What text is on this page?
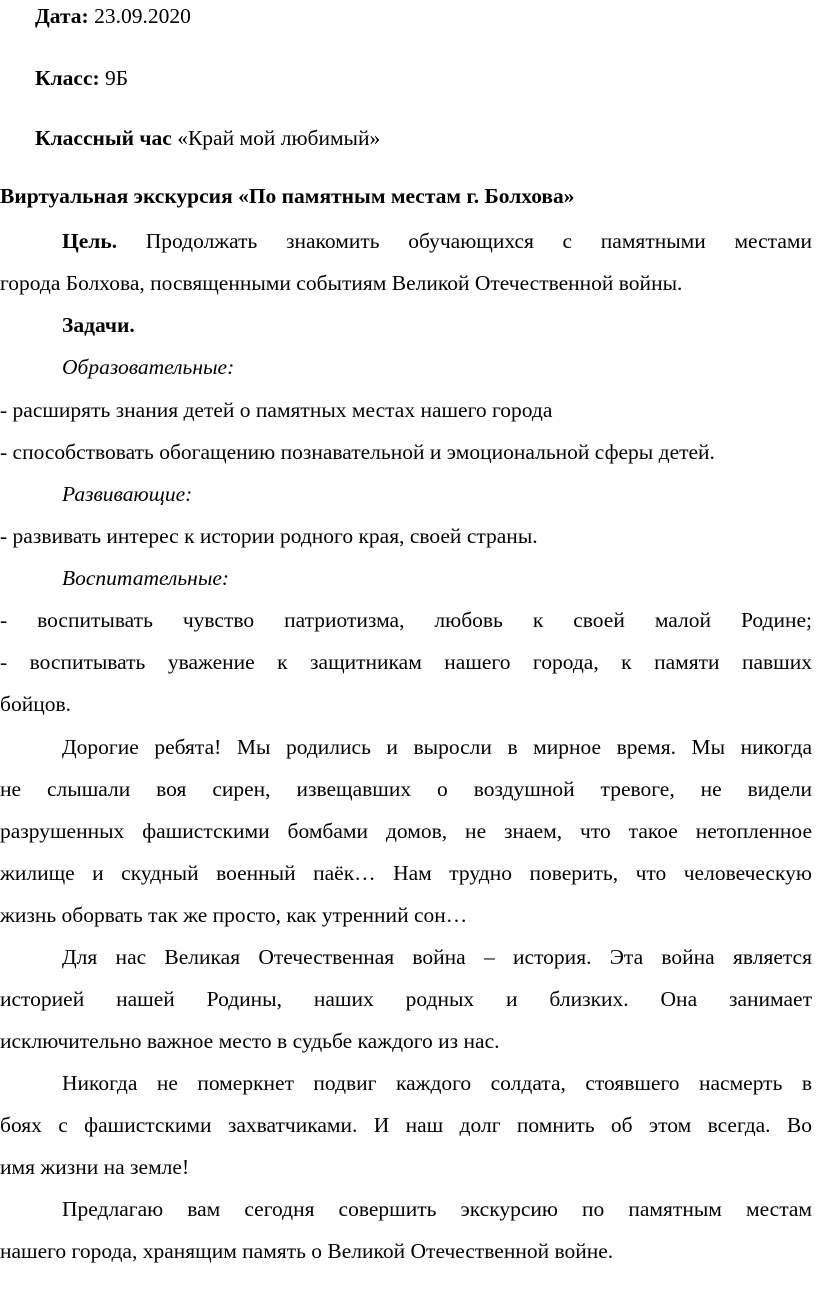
Дата: 23.09.2020
Класс: 9Б
Классный час «Край мой любимый»
Виртуальная экскурсия «По памятным местам г. Болхова»
Цель. Продолжать знакомить обучающихся с памятными местами
города Болхова, посвященными событиям Великой Отечественной войны.
Задачи.
Образовательные:
- расширять знания детей о памятных местах нашего города
- способствовать обогащению познавательной и эмоциональной сферы детей.
Развивающие:
- развивать интерес к истории родного края, своей страны.
Воспитательные:
- воспитывать чувство патриотизма, любовь к своей малой Родине;
- воспитывать уважение к защитникам нашего города, к памяти павших
бойцов.
Дорогие ребята! Мы родились и выросли в мирное время. Мы никогда
не слышали воя сирен, извещавших о воздушной тревоге, не видели
разрушенных фашистскими бомбами домов, не знаем, что такое нетопленное
жилище и скудный военный паёк… Нам трудно поверить, что человеческую
жизнь оборвать так же просто, как утренний сон…
Для нас Великая Отечественная война – история. Эта война является
историей нашей Родины, наших родных и близких. Она занимает
исключительно важное место в судьбе каждого из нас.
Никогда не померкнет подвиг каждого солдата, стоявшего насмерть в
боях с фашистскими захватчиками. И наш долг помнить об этом всегда. Во
имя жизни на земле!
Предлагаю вам сегодня совершить экскурсию по памятным местам
нашего города, хранящим память о Великой Отечественной войне.
